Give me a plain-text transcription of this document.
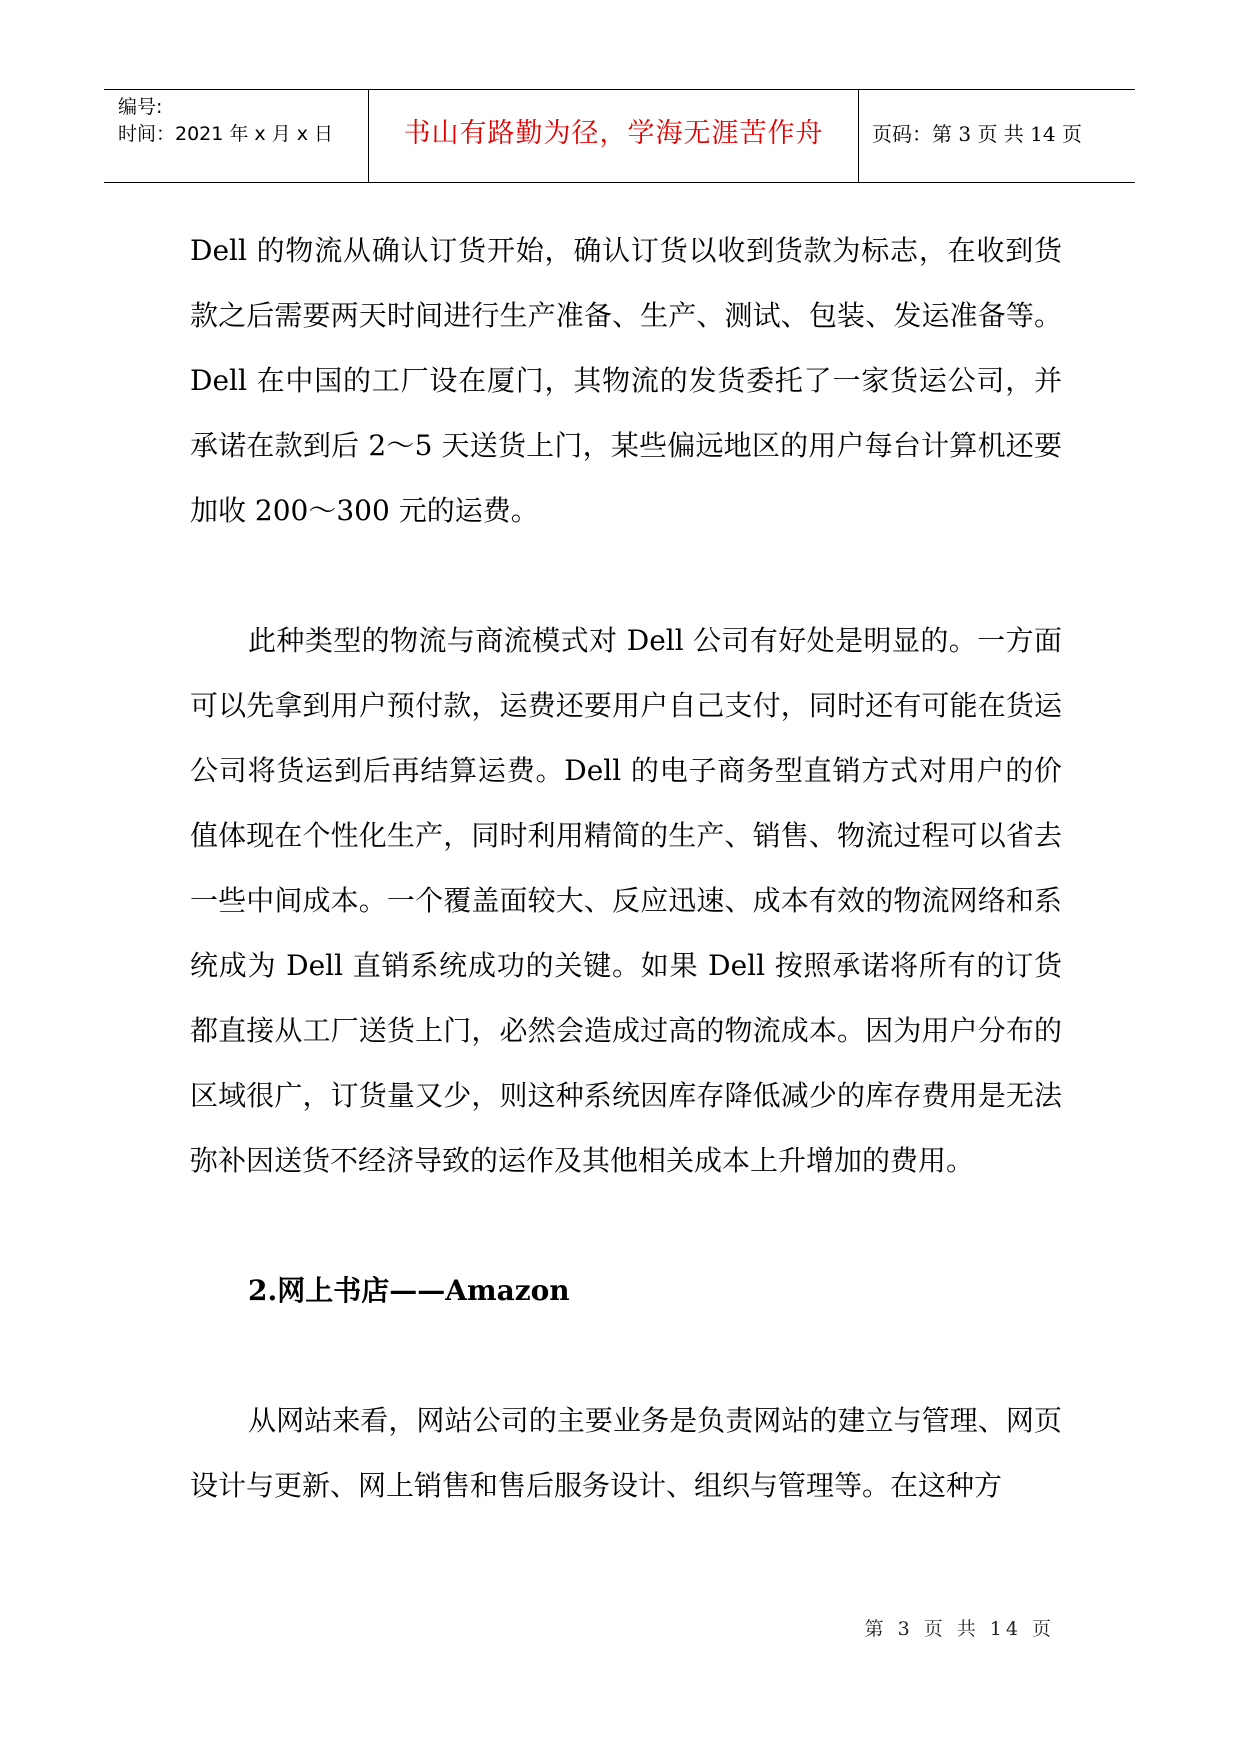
编号:
时间：2021 年 x 月 x 日	书山有路勤为径，学海无涯苦作舟	页码：第 3 页 共 14 页

Dell 的物流从确认订货开始，确认订货以收到货款为标志，在收到货款之后需要两天时间进行生产准备、生产、测试、包装、发运准备等。Dell 在中国的工厂设在厦门，其物流的发货委托了一家货运公司，并承诺在款到后 2～5 天送货上门，某些偏远地区的用户每台计算机还要加收 200～300 元的运费。

此种类型的物流与商流模式对 Dell 公司有好处是明显的。一方面可以先拿到用户预付款，运费还要用户自己支付，同时还有可能在货运公司将货运到后再结算运费。Dell 的电子商务型直销方式对用户的价值体现在个性化生产，同时利用精简的生产、销售、物流过程可以省去一些中间成本。一个覆盖面较大、反应迅速、成本有效的物流网络和系统成为 Dell 直销系统成功的关键。如果 Dell 按照承诺将所有的订货都直接从工厂送货上门，必然会造成过高的物流成本。因为用户分布的区域很广，订货量又少，则这种系统因库存降低减少的库存费用是无法弥补因送货不经济导致的运作及其他相关成本上升增加的费用。

2.网上书店——Amazon

从网站来看，网站公司的主要业务是负责网站的建立与管理、网页设计与更新、网上销售和售后服务设计、组织与管理等。在这种方

第 3 页 共 14 页
